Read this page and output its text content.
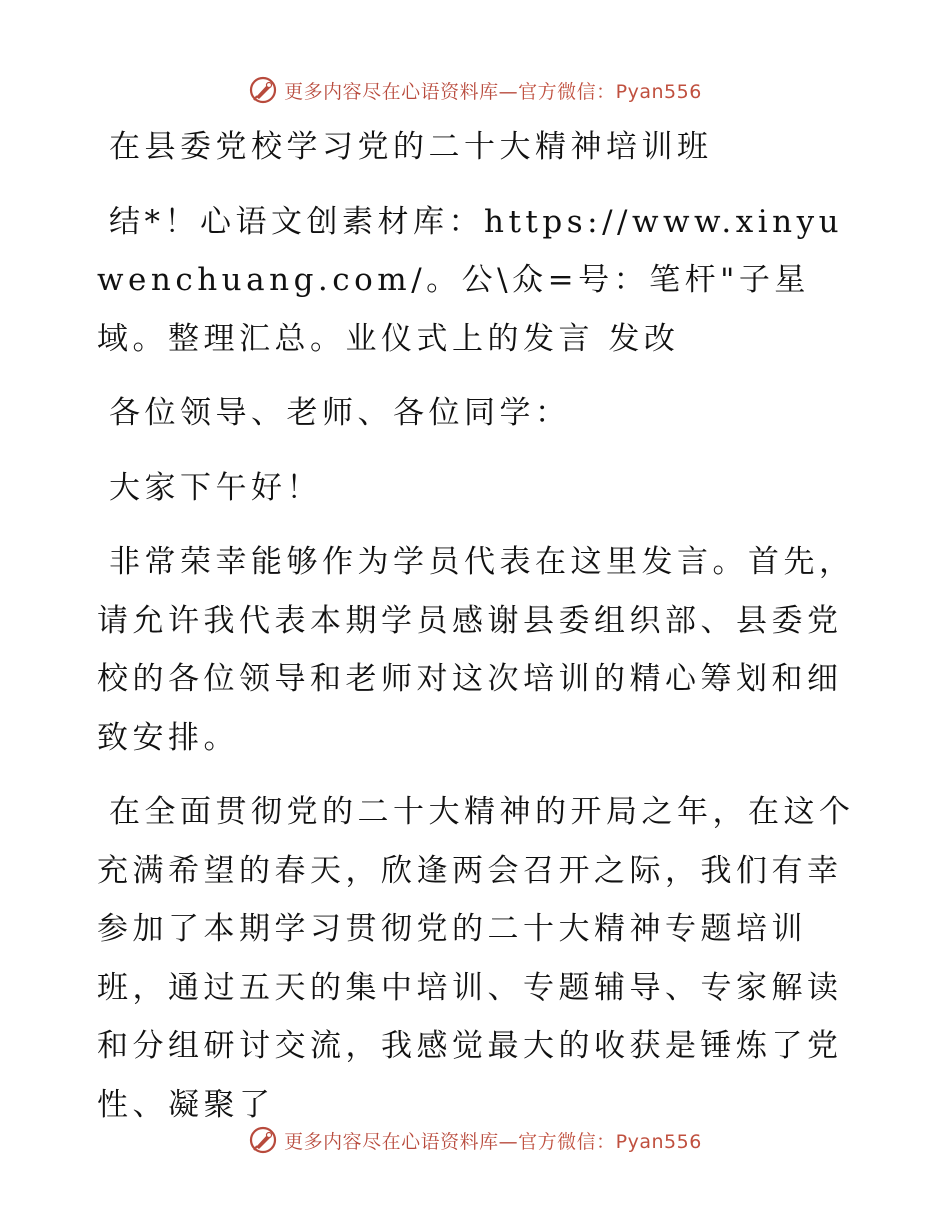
更多内容尽在心语资料库—官方微信：Pyan556

在县委党校学习党的二十大精神培训班

结*！心语文创素材库：https://www.xinyuwenchuang.com/。公\众=号：笔杆"子星域。整理汇总。业仪式上的发言 发改

各位领导、老师、各位同学：

大家下午好！

非常荣幸能够作为学员代表在这里发言。首先，请允许我代表本期学员感谢县委组织部、县委党校的各位领导和老师对这次培训的精心筹划和细致安排。

在全面贯彻党的二十大精神的开局之年，在这个充满希望的春天，欣逢两会召开之际，我们有幸参加了本期学习贯彻党的二十大精神专题培训班，通过五天的集中培训、专题辅导、专家解读和分组研讨交流，我感觉最大的收获是锤炼了党性、凝聚了

更多内容尽在心语资料库—官方微信：Pyan556
